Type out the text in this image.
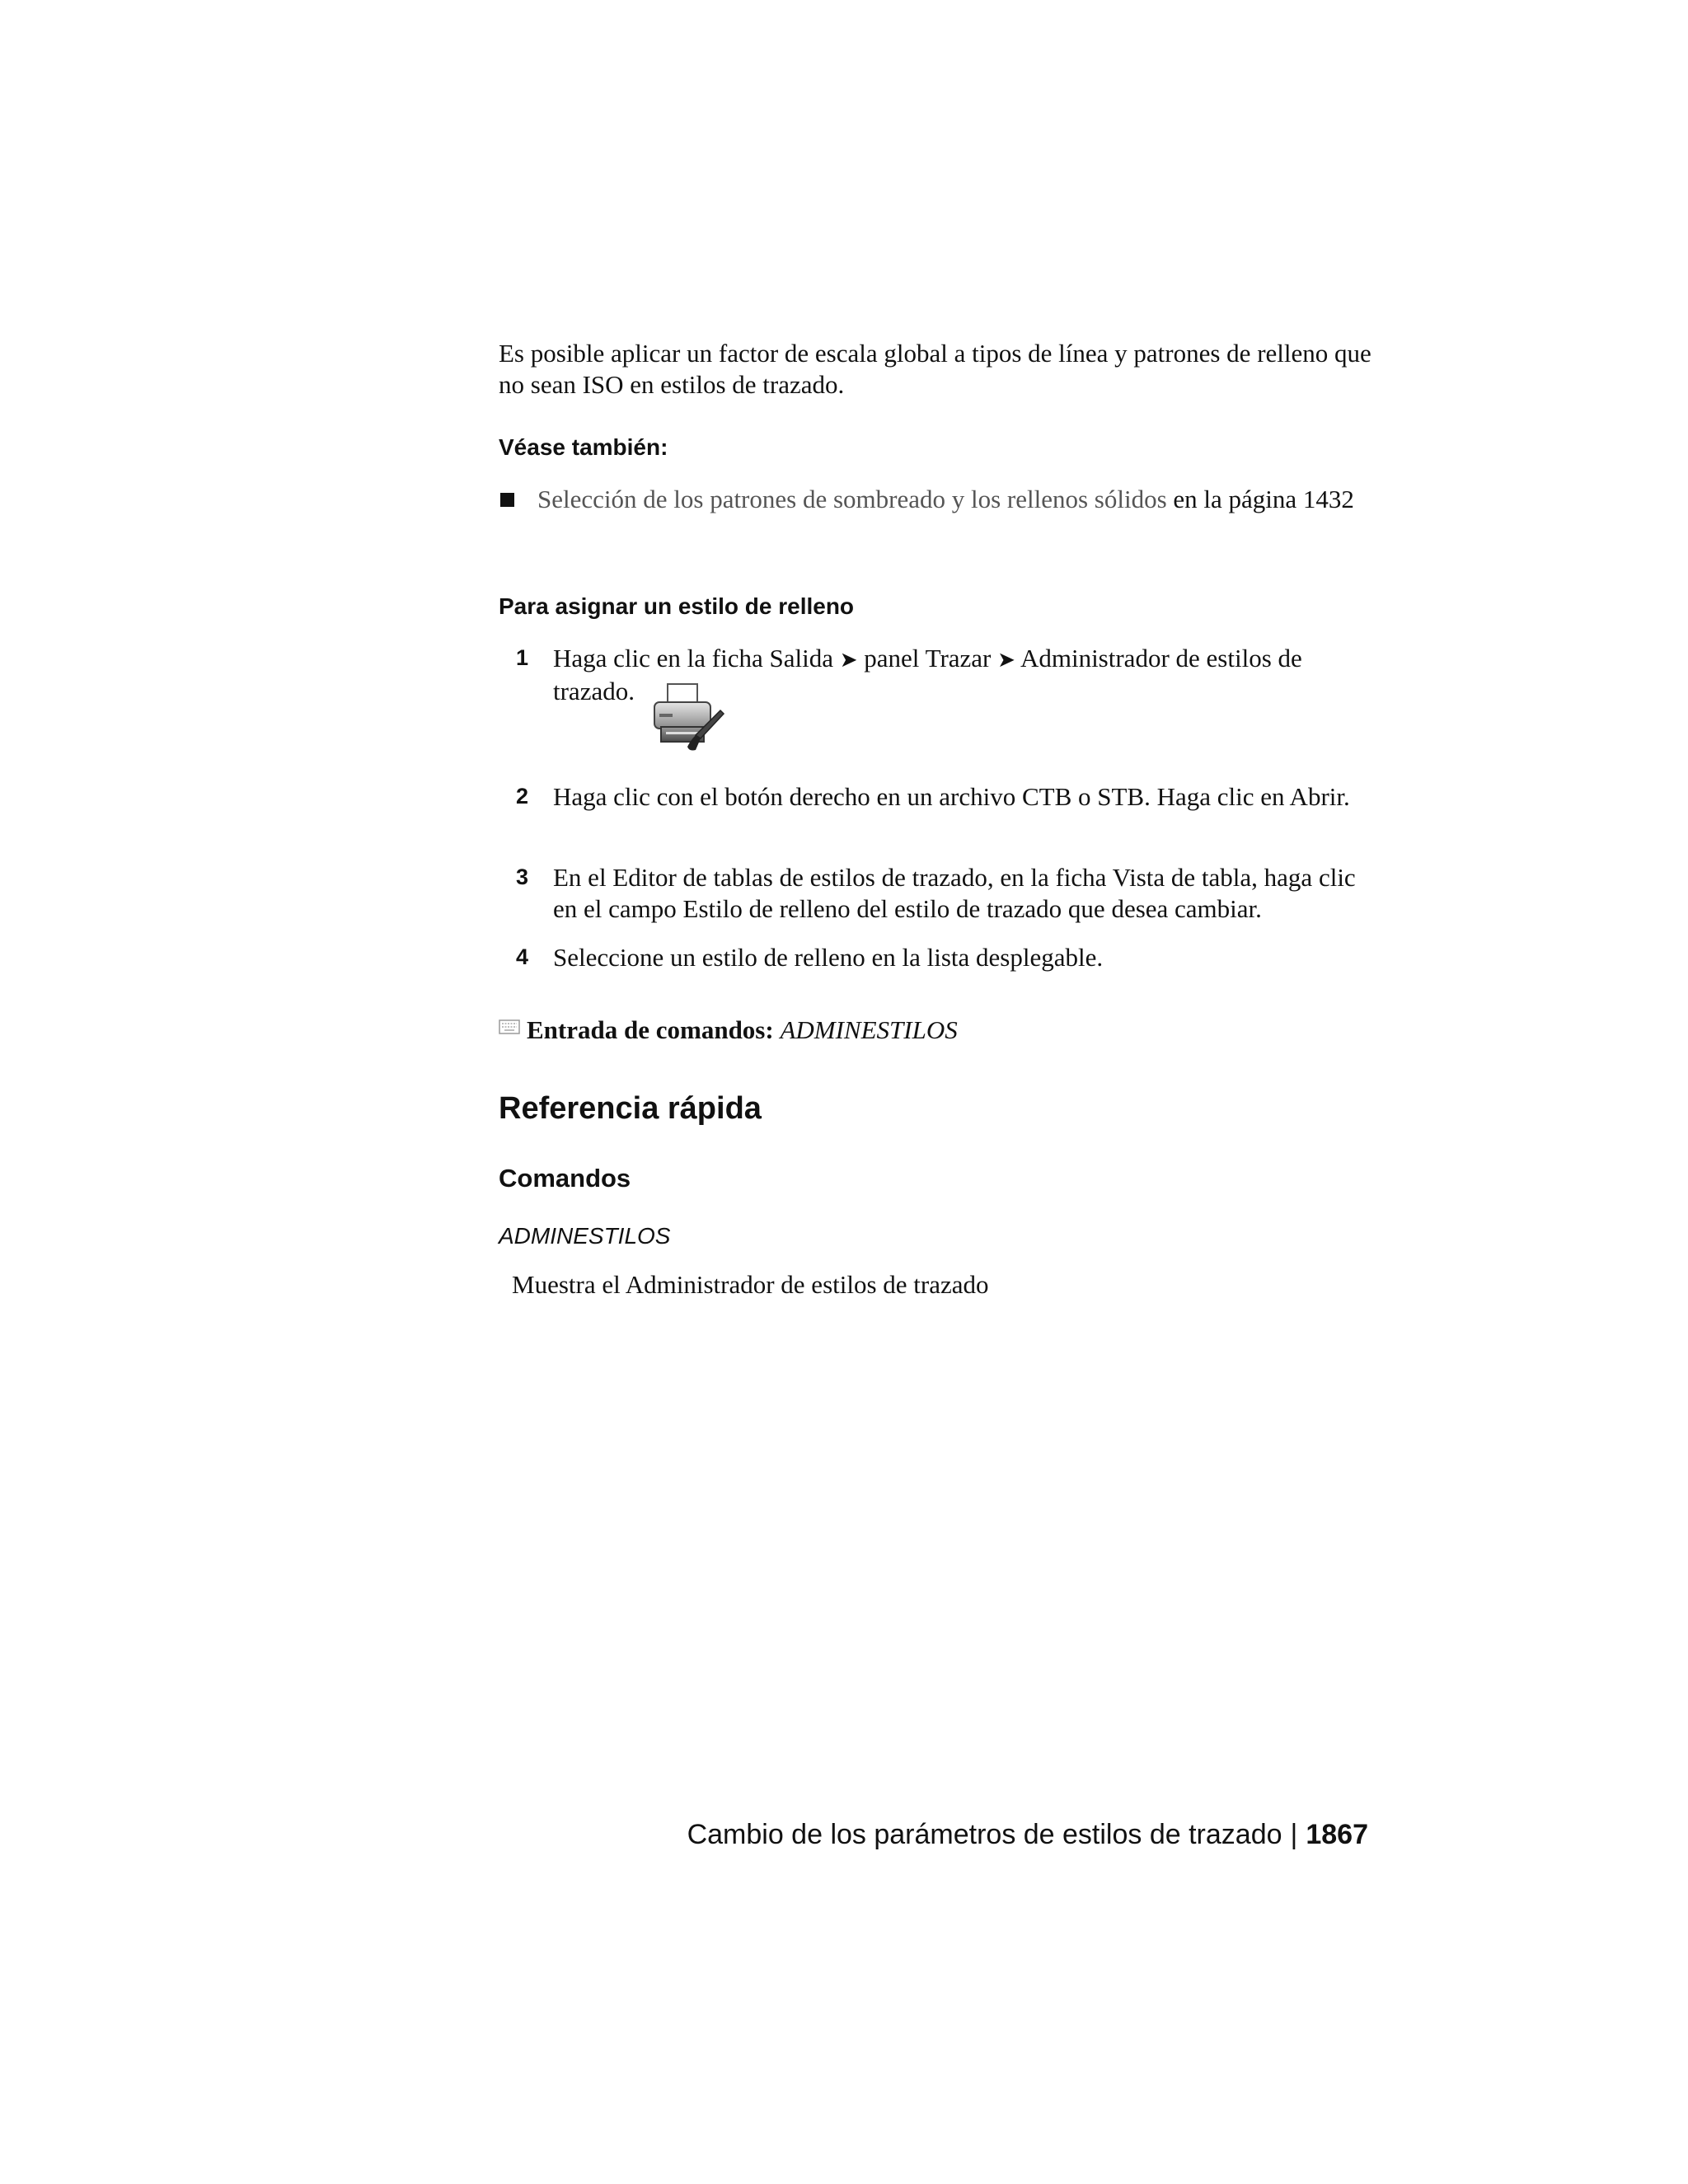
Es posible aplicar un factor de escala global a tipos de línea y patrones de relleno que no sean ISO en estilos de trazado.
Véase también:
Selección de los patrones de sombreado y los rellenos sólidos en la página 1432
Para asignar un estilo de relleno
1 Haga clic en la ficha Salida ➤ panel Trazar ➤ Administrador de estilos de trazado.
2 Haga clic con el botón derecho en un archivo CTB o STB. Haga clic en Abrir.
3 En el Editor de tablas de estilos de trazado, en la ficha Vista de tabla, haga clic en el campo Estilo de relleno del estilo de trazado que desea cambiar.
4 Seleccione un estilo de relleno en la lista desplegable.
Entrada de comandos: ADMINESTILOS
Referencia rápida
Comandos
ADMINESTILOS
Muestra el Administrador de estilos de trazado
Cambio de los parámetros de estilos de trazado | 1867
